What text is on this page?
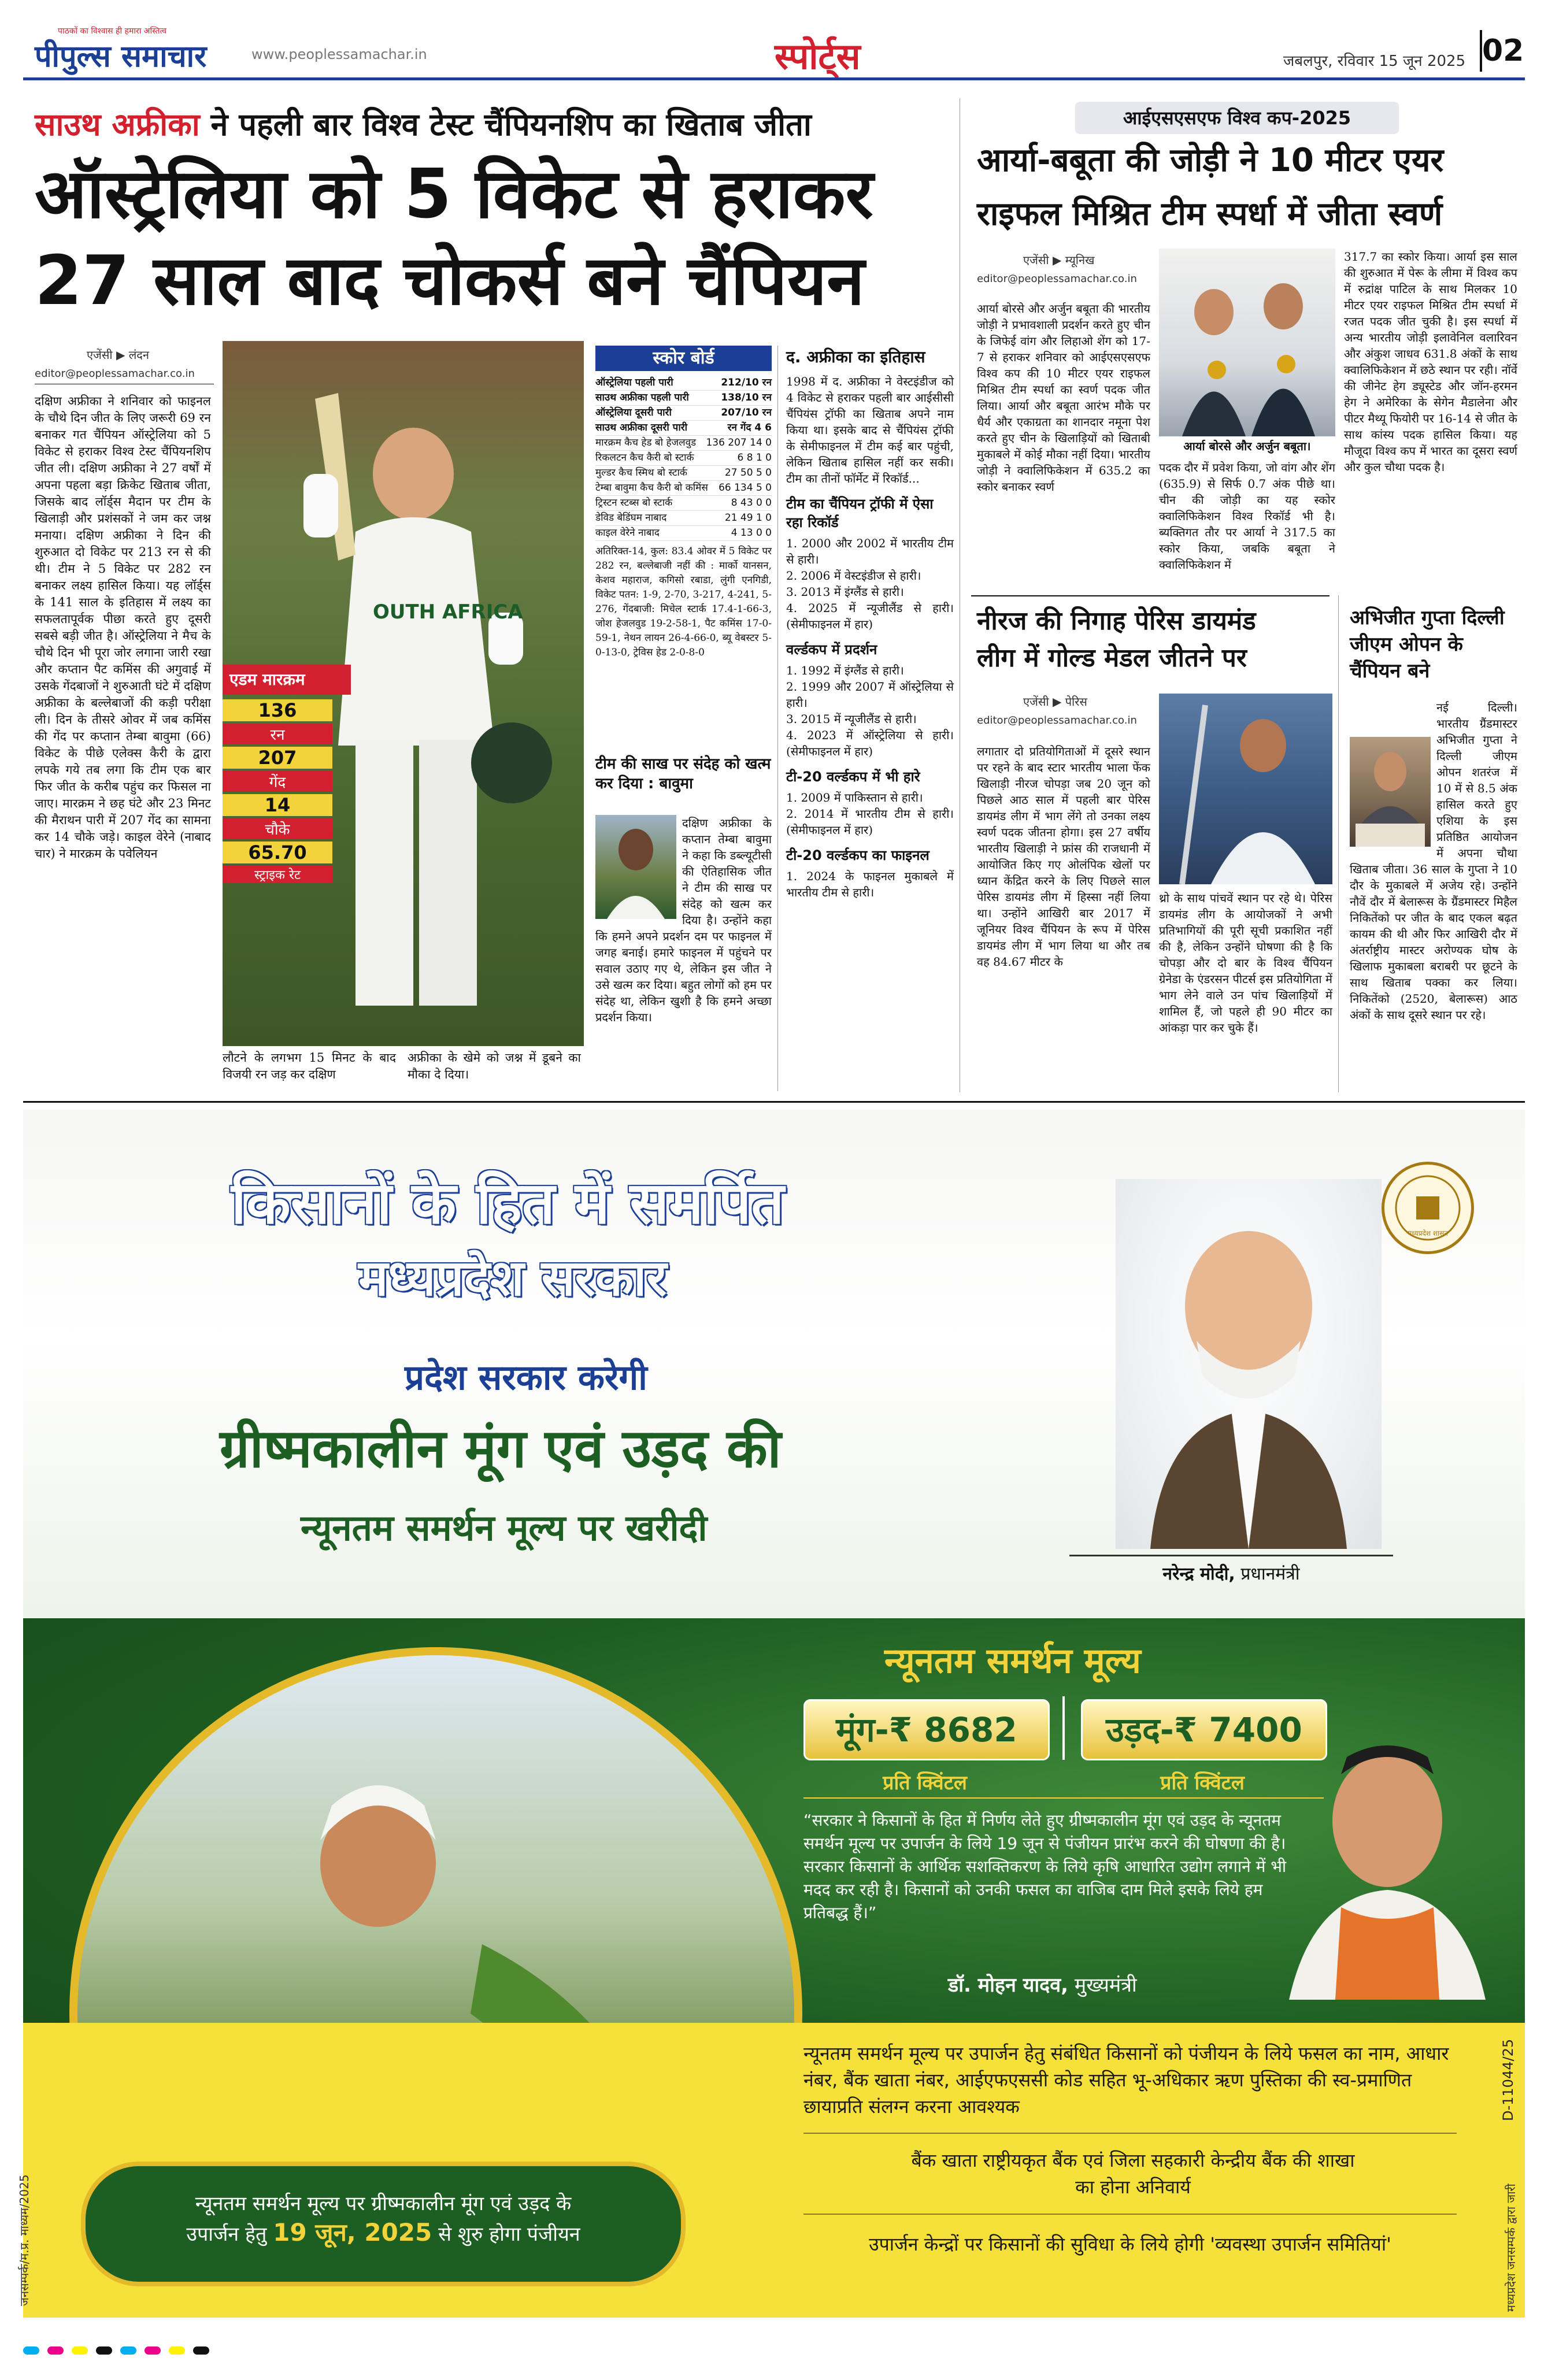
पीपुल्स समाचार
पाठकों का विश्वास ही हमारा अस्तित्व
www.peoplessamachar.in	स्पोर्ट्स	जबलपुर, रविवार 15 जून 2025 02
साउथ अफ्रीका ने पहली बार विश्व टेस्ट चैंपियनशिप का खिताब जीता
ऑस्ट्रेलिया को 5 विकेट से हराकर
27 साल बाद चोकर्स बने चैंपियन
एजेंसी ▶ लंदन
editor@peoplessamachar.co.in
दक्षिण अफ्रीका ने शनिवार को फाइनल के चौथे दिन जीत के लिए जरूरी 69 रन बनाकर गत चैंपियन ऑस्ट्रेलिया को 5 विकेट से हराकर विश्व टेस्ट चैंपियनशिप जीत ली। दक्षिण अफ्रीका ने 27 वर्षों में अपना पहला बड़ा क्रिकेट खिताब जीता, जिसके बाद लॉर्ड्स मैदान पर टीम के खिलाड़ी और प्रशंसकों ने जम कर जश्न मनाया। दक्षिण अफ्रीका ने दिन की शुरुआत दो विकेट पर 213 रन से की थी। टीम ने 5 विकेट पर 282 रन बनाकर लक्ष्य हासिल किया। यह लॉर्ड्स के 141 साल के इतिहास में लक्ष्य का सफलतापूर्वक पीछा करते हुए दूसरी सबसे बड़ी जीत है। ऑस्ट्रेलिया ने मैच के चौथे दिन भी पूरा जोर लगाना जारी रखा और कप्तान पैट कमिंस की अगुवाई में उसके गेंदबाजों ने शुरुआती घंटे में दक्षिण अफ्रीका के बल्लेबाजों की कड़ी परीक्षा ली। दिन के तीसरे ओवर में जब कमिंस की गेंद पर कप्तान तेम्बा बावुमा (66) विकेट के पीछे एलेक्स कैरी के द्वारा लपके गये तब लगा कि टीम एक बार फिर जीत के करीब पहुंच कर फिसल ना जाए। मारक्रम ने छह घंटे और 23 मिनट की मैराथन पारी में 207 गेंद का सामना कर 14 चौके जड़े। काइल वेरेने (नाबाद चार) ने मारक्रम के पवेलियन
OUTH AFRICA
एडम मारक्रम
136
रन
207
गेंद
14
चौके
65.70
स्ट्राइक रेट
लौटने के लगभग 15 मिनट के बाद विजयी रन जड़ कर दक्षिण
अफ्रीका के खेमे को जश्न में डूबने का मौका दे दिया।
स्कोर बोर्ड
ऑस्ट्रेलिया पहली पारी	212/10 रन
साउथ अफ्रीका पहली पारी	138/10 रन
ऑस्ट्रेलिया दूसरी पारी	207/10 रन
साउथ अफ्रीका दूसरी पारी	रन गेंद 4 6
मारक्रम कैच हेड बो हेजलवुड 136 207 14 0
रिकलटन कैच कैरी बो स्टार्क	6 8 1 0
मुल्डर कैच स्मिथ बो स्टार्क	27 50 5 0
टेम्बा बावुमा कैच कैरी बो कमिंस 66 134 5 0
ट्रिस्टन स्टब्स बो स्टार्क	8 43 0 0
डेविड बेडिंघम नाबाद	21 49 1 0
काइल वेरेने नाबाद	4 13 0 0
अतिरिक्त-14, कुल: 83.4 ओवर में 5 विकेट पर 282 रन, बल्लेबाजी नहीं की : मार्को यानसन, केशव महाराज, कगिसो रबाडा, लुंगी एनगिडी, विकेट पतन: 1-9, 2-70, 3-217, 4-241, 5-276, गेंदबाजी: मिचेल स्टार्क 17.4-1-66-3, जोश हेजलवुड 19-2-58-1, पैट कमिंस 17-0-59-1, नेथन लायन 26-4-66-0, ब्यू वेबस्टर 5-0-13-0, ट्रेविस हेड 2-0-8-0
टीम की साख पर संदेह को खत्म कर दिया : बावुमा
दक्षिण अफ्रीका के कप्तान तेम्बा बावुमा ने कहा कि डब्ल्यूटीसी की ऐतिहासिक जीत ने टीम की साख पर संदेह को खत्म कर दिया है। उन्होंने कहा कि हमने अपने प्रदर्शन दम पर फाइनल में जगह बनाई। हमारे फाइनल में पहुंचने पर सवाल उठाए गए थे, लेकिन इस जीत ने उसे खत्म कर दिया। बहुत लोगों को हम पर संदेह था, लेकिन खुशी है कि हमने अच्छा प्रदर्शन किया।
द. अफ्रीका का इतिहास
1998 में द. अफ्रीका ने वेस्टइंडीज को 4 विकेट से हराकर पहली बार आईसीसी चैंपियंस ट्रॉफी का खिताब अपने नाम किया था। इसके बाद से चैंपियंस ट्रॉफी के सेमीफाइनल में टीम कई बार पहुंची, लेकिन खिताब हासिल नहीं कर सकी। टीम का तीनों फॉर्मेट में रिकॉर्ड...
टीम का चैंपियन ट्रॉफी में ऐसा रहा रिकॉर्ड
1. 2000 और 2002 में भारतीय टीम से हारी।
2. 2006 में वेस्टइंडीज से हारी।
3. 2013 में इंग्लैंड से हारी।
4. 2025 में न्यूजीलैंड से हारी। (सेमीफाइनल में हार)
वर्ल्डकप में प्रदर्शन
1. 1992 में इंग्लैंड से हारी।
2. 1999 और 2007 में ऑस्ट्रेलिया से हारी।
3. 2015 में न्यूजीलैंड से हारी।
4. 2023 में ऑस्ट्रेलिया से हारी। (सेमीफाइनल में हार)
टी-20 वर्ल्डकप में भी हारे
1. 2009 में पाकिस्तान से हारी।
2. 2014 में भारतीय टीम से हारी। (सेमीफाइनल में हार)
टी-20 वर्ल्डकप का फाइनल
1. 2024 के फाइनल मुकाबले में भारतीय टीम से हारी।
आईएसएसएफ विश्व कप-2025
आर्या-बबूता की जोड़ी ने 10 मीटर एयर
राइफल मिश्रित टीम स्पर्धा में जीता स्वर्ण
एजेंसी ▶ म्यूनिख
editor@peoplessamachar.co.in
आर्या बोरसे और अर्जुन बबूता की भारतीय जोड़ी ने प्रभावशाली प्रदर्शन करते हुए चीन के जिफेई वांग और लिहाओ शेंग को 17-7 से हराकर शनिवार को आईएसएसएफ विश्व कप की 10 मीटर एयर राइफल मिश्रित टीम स्पर्धा का स्वर्ण पदक जीत लिया। आर्या और बबूता आरंभ मौके पर धैर्य और एकाग्रता का शानदार नमूना पेश करते हुए चीन के खिलाड़ियों को खिताबी मुकाबले में कोई मौका नहीं दिया। भारतीय जोड़ी ने क्वालिफिकेशन में 635.2 का स्कोर बनाकर स्वर्ण
आर्या बोरसे और अर्जुन बबूता।
पदक दौर में प्रवेश किया, जो वांग और शेंग (635.9) से सिर्फ 0.7 अंक पीछे था। चीन की जोड़ी का यह स्कोर क्वालिफिकेशन विश्व रिकॉर्ड भी है। ब्यक्तिगत तौर पर आर्या ने 317.5 का स्कोर किया, जबकि बबूता ने क्वालिफिकेशन में
317.7 का स्कोर किया। आर्या इस साल की शुरुआत में पेरू के लीमा में विश्व कप में रुद्रांक्ष पाटिल के साथ मिलकर 10 मीटर एयर राइफल मिश्रित टीम स्पर्धा में रजत पदक जीत चुकी है। इस स्पर्धा में अन्य भारतीय जोड़ी इलावेनिल वलारिवन और अंकुश जाधव 631.8 अंकों के साथ क्वालिफिकेशन में छठे स्थान पर रही। नॉर्वे की जीनेट हेग ड्यूस्टेड और जॉन-हरमन हेग ने अमेरिका के सेगेन मैडालेना और पीटर मैथ्यू फियोरी पर 16-14 से जीत के साथ कांस्य पदक हासिल किया। यह मौजूदा विश्व कप में भारत का दूसरा स्वर्ण और कुल चौथा पदक है।
नीरज की निगाह पेरिस डायमंड
लीग में गोल्ड मेडल जीतने पर
एजेंसी ▶ पेरिस
editor@peoplessamachar.co.in
लगातार दो प्रतियोगिताओं में दूसरे स्थान पर रहने के बाद स्टार भारतीय भाला फेंक खिलाड़ी नीरज चोपड़ा जब 20 जून को पिछले आठ साल में पहली बार पेरिस डायमंड लीग में भाग लेंगे तो उनका लक्ष्य स्वर्ण पदक जीतना होगा। इस 27 वर्षीय भारतीय खिलाड़ी ने फ्रांस की राजधानी में आयोजित किए गए ओलंपिक खेलों पर ध्यान केंद्रित करने के लिए पिछले साल पेरिस डायमंड लीग में हिस्सा नहीं लिया था। उन्होंने आखिरी बार 2017 में जूनियर विश्व चैंपियन के रूप में पेरिस डायमंड लीग में भाग लिया था और तब वह 84.67 मीटर के
थ्रो के साथ पांचवें स्थान पर रहे थे। पेरिस डायमंड लीग के आयोजकों ने अभी प्रतिभागियों की पूरी सूची प्रकाशित नहीं की है, लेकिन उन्होंने घोषणा की है कि चोपड़ा और दो बार के विश्व चैंपियन ग्रेनेडा के एंडरसन पीटर्स इस प्रतियोगिता में भाग लेने वाले उन पांच खिलाड़ियों में शामिल हैं, जो पहले ही 90 मीटर का आंकड़ा पार कर चुके हैं।
अभिजीत गुप्ता दिल्ली जीएम ओपन के चैंपियन बने
नई दिल्ली। भारतीय ग्रैंडमास्टर अभिजीत गुप्ता ने दिल्ली जीएम ओपन शतरंज में 10 में से 8.5 अंक हासिल करते हुए एशिया के इस प्रतिष्ठित आयोजन में अपना चौथा खिताब जीता। 36 साल के गुप्ता ने 10 दौर के मुकाबले में अजेय रहे। उन्होंने नौवें दौर में बेलारूस के ग्रैंडमास्टर मिहैल निकितेंको पर जीत के बाद एकल बढ़त कायम की थी और फिर आखिरी दौर में अंतर्राष्ट्रीय मास्टर अरोण्यक घोष के खिलाफ मुकाबला बराबरी पर छूटने के साथ खिताब पक्का कर लिया। निकितेंको (2520, बेलारूस) आठ अंकों के साथ दूसरे स्थान पर रहे।
किसानों के हित में समर्पित
मध्यप्रदेश सरकार
प्रदेश सरकार करेगी
ग्रीष्मकालीन मूंग एवं उड़द की
न्यूनतम समर्थन मूल्य पर खरीदी
मध्यप्रदेश शासन
नरेन्द्र मोदी, प्रधानमंत्री
न्यूनतम समर्थन मूल्य
मूंग-₹ 8682	उड़द-₹ 7400
प्रति क्विंटल	प्रति क्विंटल
“सरकार ने किसानों के हित में निर्णय लेते हुए ग्रीष्मकालीन मूंग एवं उड़द के न्यूनतम समर्थन मूल्य पर उपार्जन के लिये 19 जून से पंजीयन प्रारंभ करने की घोषणा की है। सरकार किसानों के आर्थिक सशक्तिकरण के लिये कृषि आधारित उद्योग लगाने में भी मदद कर रही है। किसानों को उनकी फसल का वाजिब दाम मिले इसके लिये हम प्रतिबद्ध हैं।”
डॉ. मोहन यादव, मुख्यमंत्री
न्यूनतम समर्थन मूल्य पर उपार्जन हेतु संबंधित किसानों को पंजीयन के लिये फसल का नाम, आधार नंबर, बैंक खाता नंबर, आईएफएससी कोड सहित भू-अधिकार ऋण पुस्तिका की स्व-प्रमाणित छायाप्रति संलग्न करना आवश्यक
बैंक खाता राष्ट्रीयकृत बैंक एवं जिला सहकारी केन्द्रीय बैंक की शाखा का होना अनिवार्य
उपार्जन केन्द्रों पर किसानों की सुविधा के लिये होगी 'व्यवस्था उपार्जन समितियां'
न्यूनतम समर्थन मूल्य पर ग्रीष्मकालीन मूंग एवं उड़द के
उपार्जन हेतु 19 जून, 2025 से शुरु होगा पंजीयन
जनसम्पर्क/म.प्र. माध्यम/2025	मध्यप्रदेश जनसम्पर्क द्वारा जारी
D-11044/25
